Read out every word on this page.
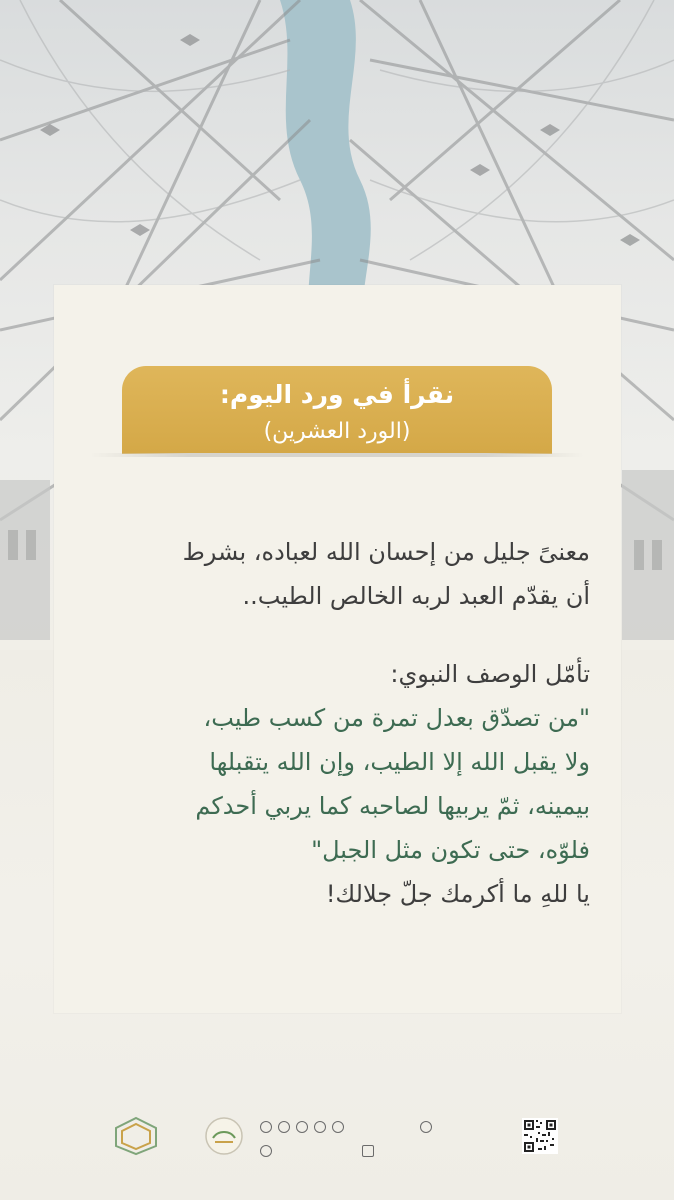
نقرأ في ورد اليوم:
(الورد العشرين)
معنىً جليل من إحسان الله لعباده، بشرط
أن يقدّم العبد لربه الخالص الطيب..
تأمّل الوصف النبوي:
"من تصدّق بعدل تمرة من كسب طيب،
ولا يقبل الله إلا الطيب، وإن الله يتقبلها
بيمينه، ثمّ يربيها لصاحبه كما يربي أحدكم
فلوّه، حتى تكون مثل الجبل"
يا للهِ ما أكرمك جلّ جلالك!
